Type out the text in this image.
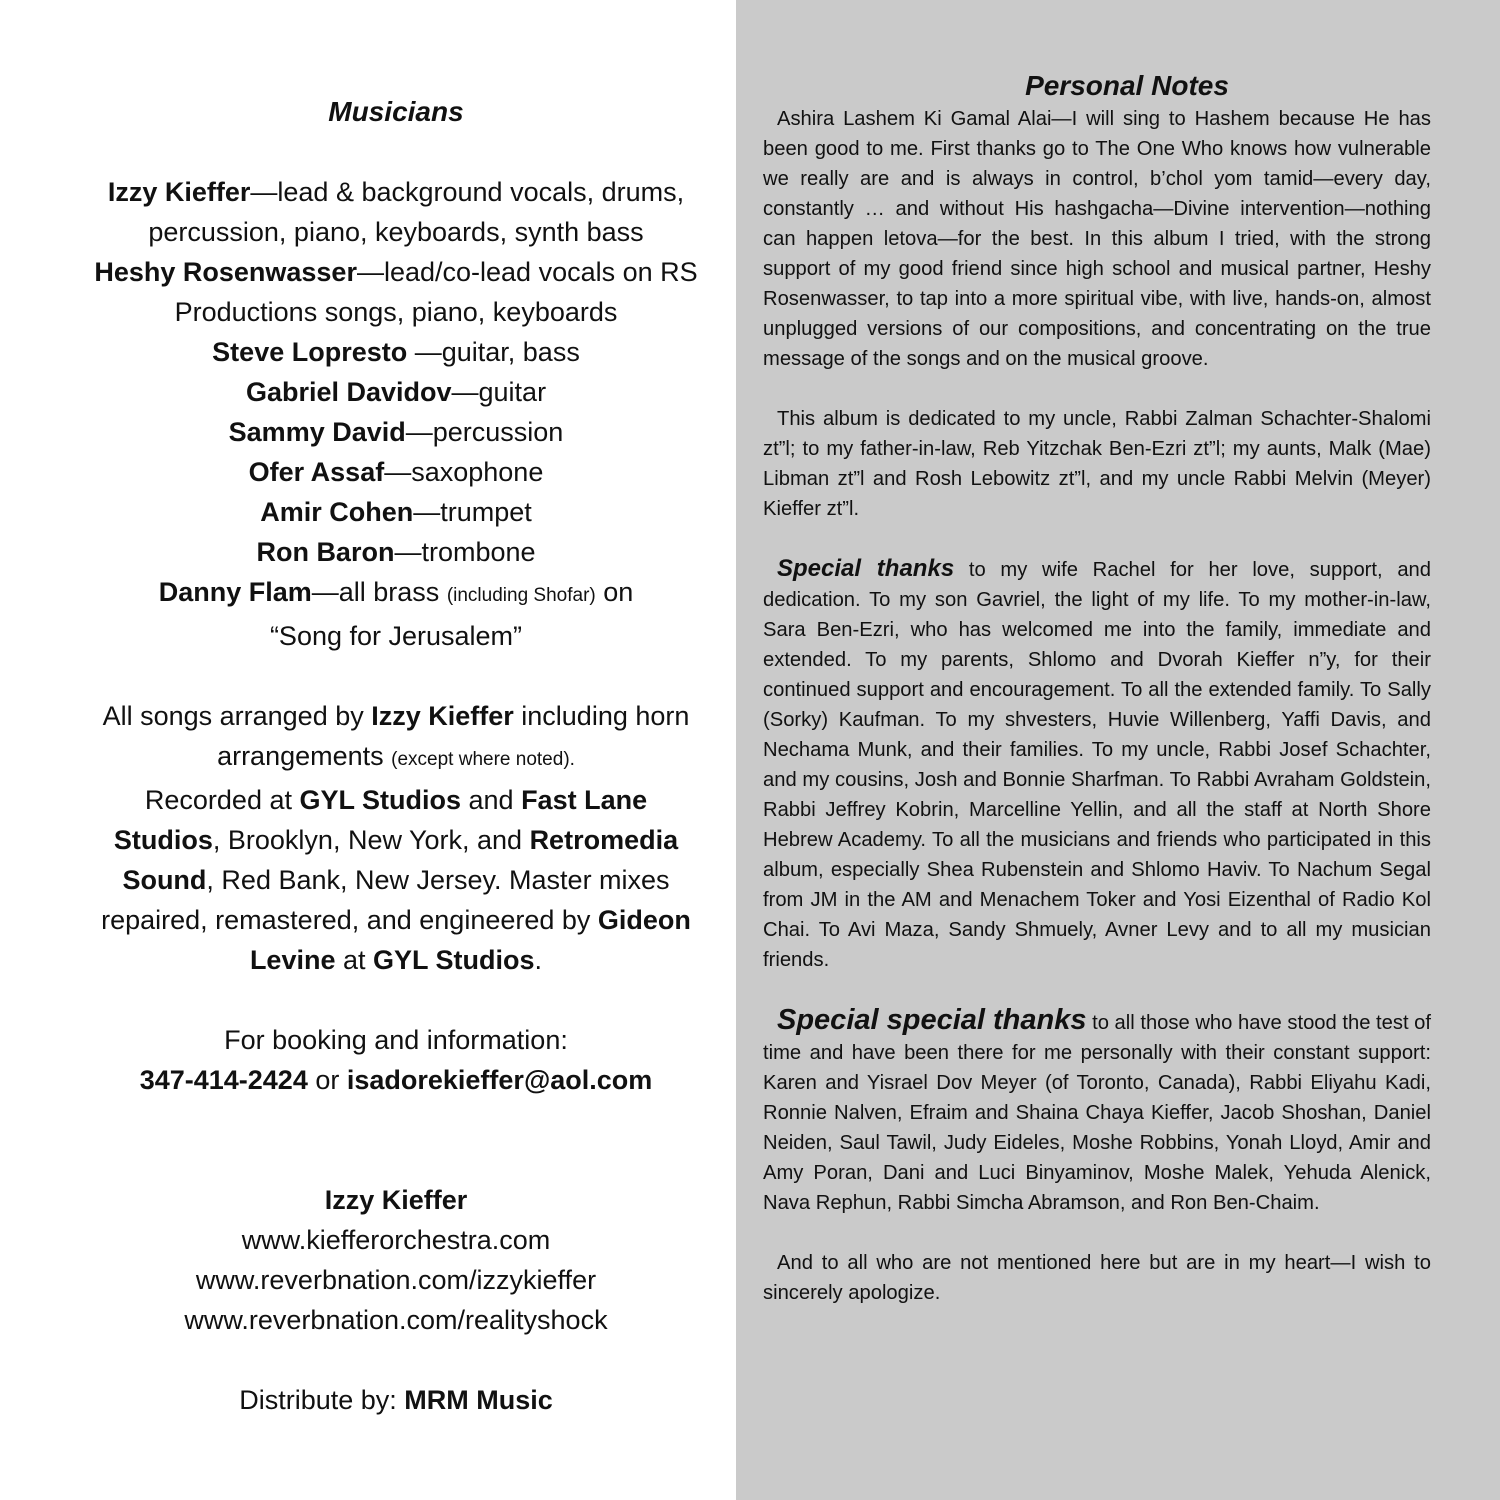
Musicians
Izzy Kieffer—lead & background vocals, drums,
percussion, piano, keyboards, synth bass
Heshy Rosenwasser—lead/co-lead vocals on RS
Productions songs, piano, keyboards
Steve Lopresto —guitar, bass
Gabriel Davidov—guitar
Sammy David—percussion
Ofer Assaf—saxophone
Amir Cohen—trumpet
Ron Baron—trombone
Danny Flam—all brass (including Shofar) on
“Song for Jerusalem”
All songs arranged by Izzy Kieffer including horn
arrangements (except where noted).
Recorded at GYL Studios and Fast Lane
Studios, Brooklyn, New York, and Retromedia
Sound, Red Bank, New Jersey. Master mixes
repaired, remastered, and engineered by Gideon
Levine at GYL Studios.
For booking and information:
347-414-2424 or isadorekieffer@aol.com
Izzy Kieffer
www.kiefferorchestra.com
www.reverbnation.com/izzykieffer
www.reverbnation.com/realityshock
Distribute by: MRM Music

Personal Notes

Ashira Lashem Ki Gamal Alai—I will sing to Hashem because He has been good to me. First thanks go to The One Who knows how vulnerable we really are and is always in control, b’chol yom tamid—every day, constantly … and without His hashgacha—Divine intervention—nothing can happen letova—for the best. In this album I tried, with the strong support of my good friend since high school and musical partner, Heshy Rosenwasser, to tap into a more spiritual vibe, with live, hands-on, almost unplugged versions of our compositions, and concentrating on the true message of the songs and on the musical groove.

This album is dedicated to my uncle, Rabbi Zalman Schachter-Shalomi zt”l; to my father-in-law, Reb Yitzchak Ben-Ezri zt”l; my aunts, Malk (Mae) Libman zt”l and Rosh Lebowitz zt”l, and my uncle Rabbi Melvin (Meyer) Kieffer zt”l.

Special thanks to my wife Rachel for her love, support, and dedication. To my son Gavriel, the light of my life. To my mother-in-law, Sara Ben-Ezri, who has welcomed me into the family, immediate and extended. To my parents, Shlomo and Dvorah Kieffer n”y, for their continued support and encouragement. To all the extended family. To Sally (Sorky) Kaufman. To my shvesters, Huvie Willenberg, Yaffi Davis, and Nechama Munk, and their families. To my uncle, Rabbi Josef Schachter, and my cousins, Josh and Bonnie Sharfman. To Rabbi Avraham Goldstein, Rabbi Jeffrey Kobrin, Marcelline Yellin, and all the staff at North Shore Hebrew Academy. To all the musicians and friends who participated in this album, especially Shea Rubenstein and Shlomo Haviv. To Nachum Segal from JM in the AM and Menachem Toker and Yosi Eizenthal of Radio Kol Chai. To Avi Maza, Sandy Shmuely, Avner Levy and to all my musician friends.

Special special thanks to all those who have stood the test of time and have been there for me personally with their constant support: Karen and Yisrael Dov Meyer (of Toronto, Canada), Rabbi Eliyahu Kadi, Ronnie Nalven, Efraim and Shaina Chaya Kieffer, Jacob Shoshan, Daniel Neiden, Saul Tawil, Judy Eideles, Moshe Robbins, Yonah Lloyd, Amir and Amy Poran, Dani and Luci Binyaminov, Moshe Malek, Yehuda Alenick, Nava Rephun, Rabbi Simcha Abramson, and Ron Ben-Chaim.

And to all who are not mentioned here but are in my heart—I wish to sincerely apologize.
